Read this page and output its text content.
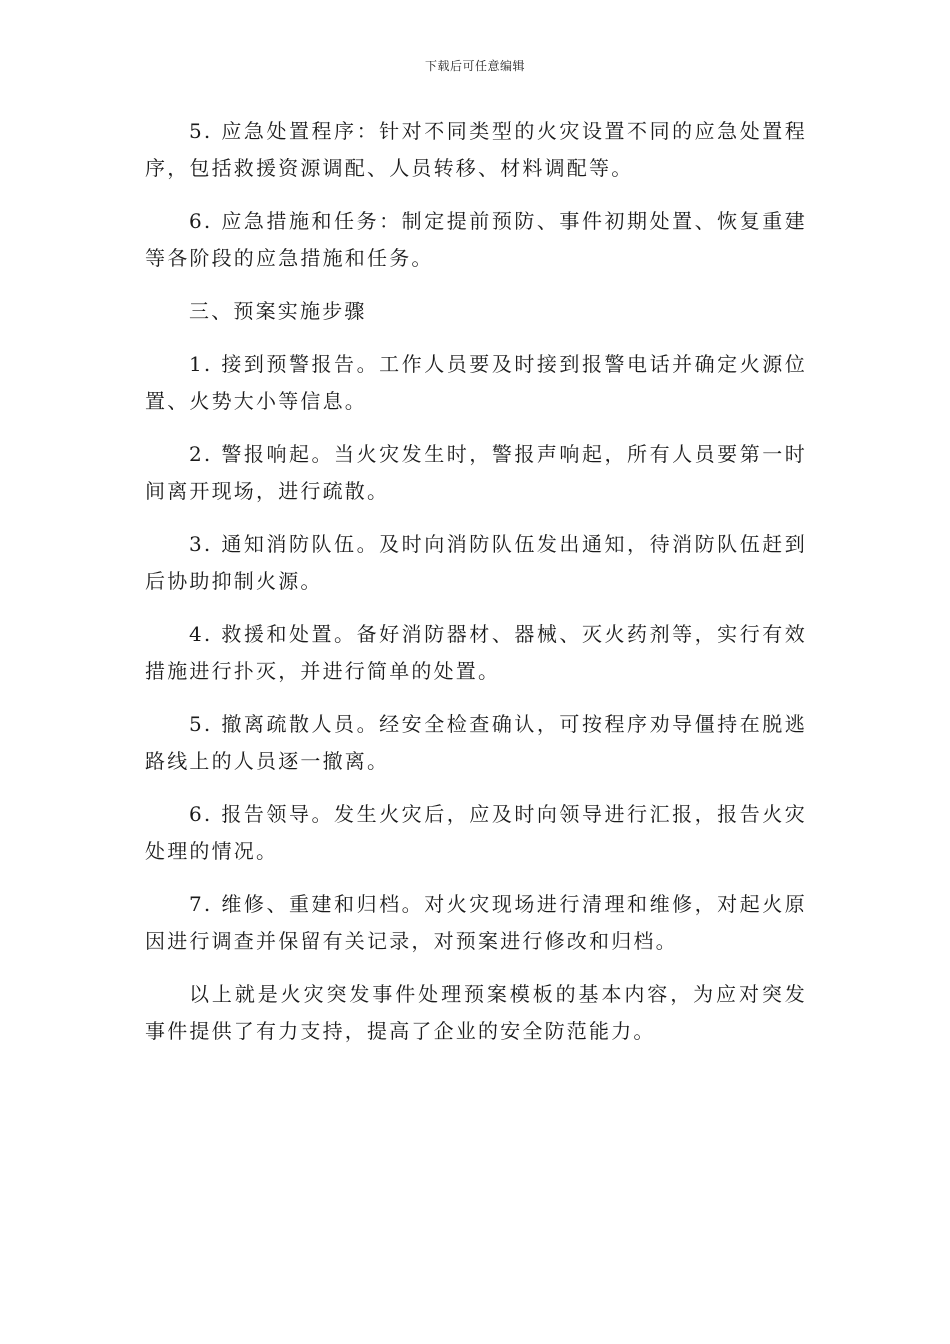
下载后可任意编辑

5. 应急处置程序：针对不同类型的火灾设置不同的应急处置程序，包括救援资源调配、人员转移、材料调配等。

6. 应急措施和任务：制定提前预防、事件初期处置、恢复重建等各阶段的应急措施和任务。

三、预案实施步骤

1. 接到预警报告。工作人员要及时接到报警电话并确定火源位置、火势大小等信息。

2. 警报响起。当火灾发生时，警报声响起，所有人员要第一时间离开现场，进行疏散。

3. 通知消防队伍。及时向消防队伍发出通知，待消防队伍赶到后协助抑制火源。

4. 救援和处置。备好消防器材、器械、灭火药剂等，实行有效措施进行扑灭，并进行简单的处置。

5. 撤离疏散人员。经安全检查确认，可按程序劝导僵持在脱逃路线上的人员逐一撤离。

6. 报告领导。发生火灾后，应及时向领导进行汇报，报告火灾处理的情况。

7. 维修、重建和归档。对火灾现场进行清理和维修，对起火原因进行调查并保留有关记录，对预案进行修改和归档。

以上就是火灾突发事件处理预案模板的基本内容，为应对突发事件提供了有力支持，提高了企业的安全防范能力。
